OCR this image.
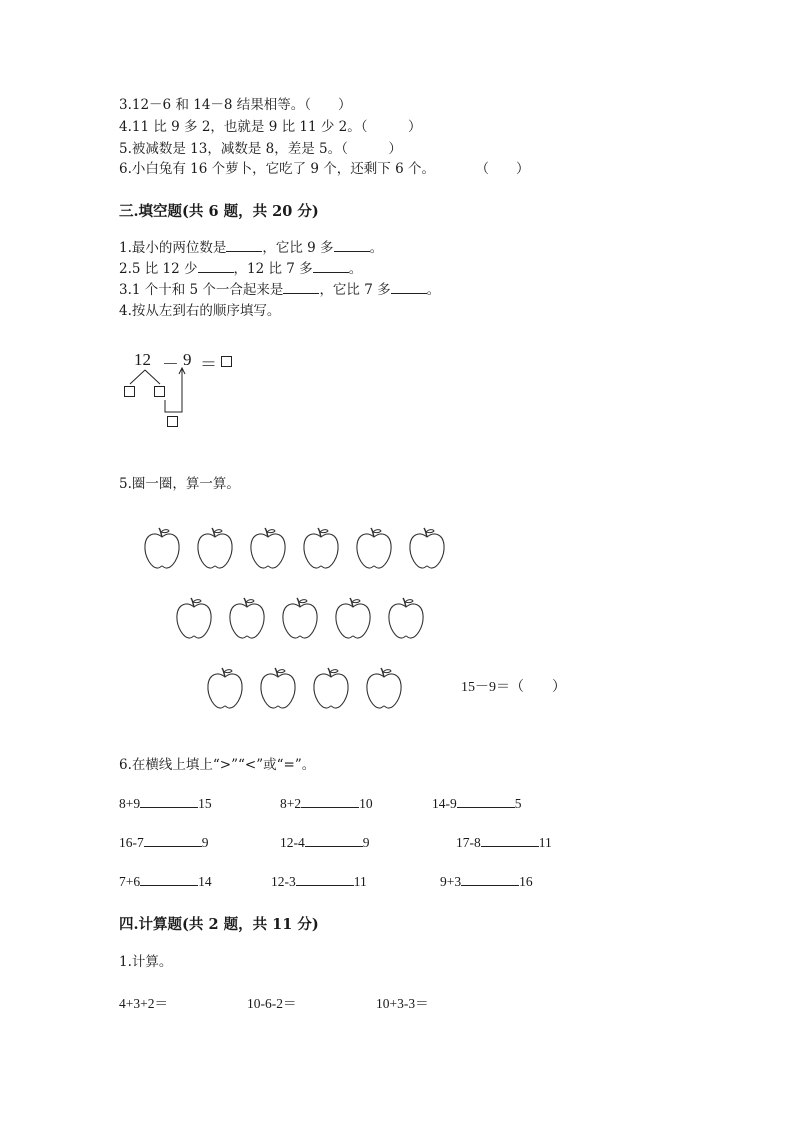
3.12－6 和 14－8 结果相等。（　　）
4.11 比 9 多 2，也就是 9 比 11 少 2。（　　　）
5.被减数是 13，减数是 8，差是 5。（　　　）
6.小白兔有 16 个萝卜，它吃了 9 个，还剩下 6 个。　　　　（　　）
三.填空题(共 6 题，共 20 分)
1.最小的两位数是	，它比 9 多	。
2.5 比 12 少	，12 比 7 多	。
3.1 个十和 5 个一合起来是	，它比 7 多	。
4.按从左到右的顺序填写。
12 － 9 ＝
5.圈一圈，算一算。
15－9＝（　　）
6.在横线上填上“>”“<”或“=”。
8+9	15	8+2	10	14-9	5
16-7	9	12-4	9	17-8	11
7+6	14	12-3	11	9+3	16
四.计算题(共 2 题，共 11 分)
1.计算。
4+3+2＝	10-6-2＝	10+3-3＝
